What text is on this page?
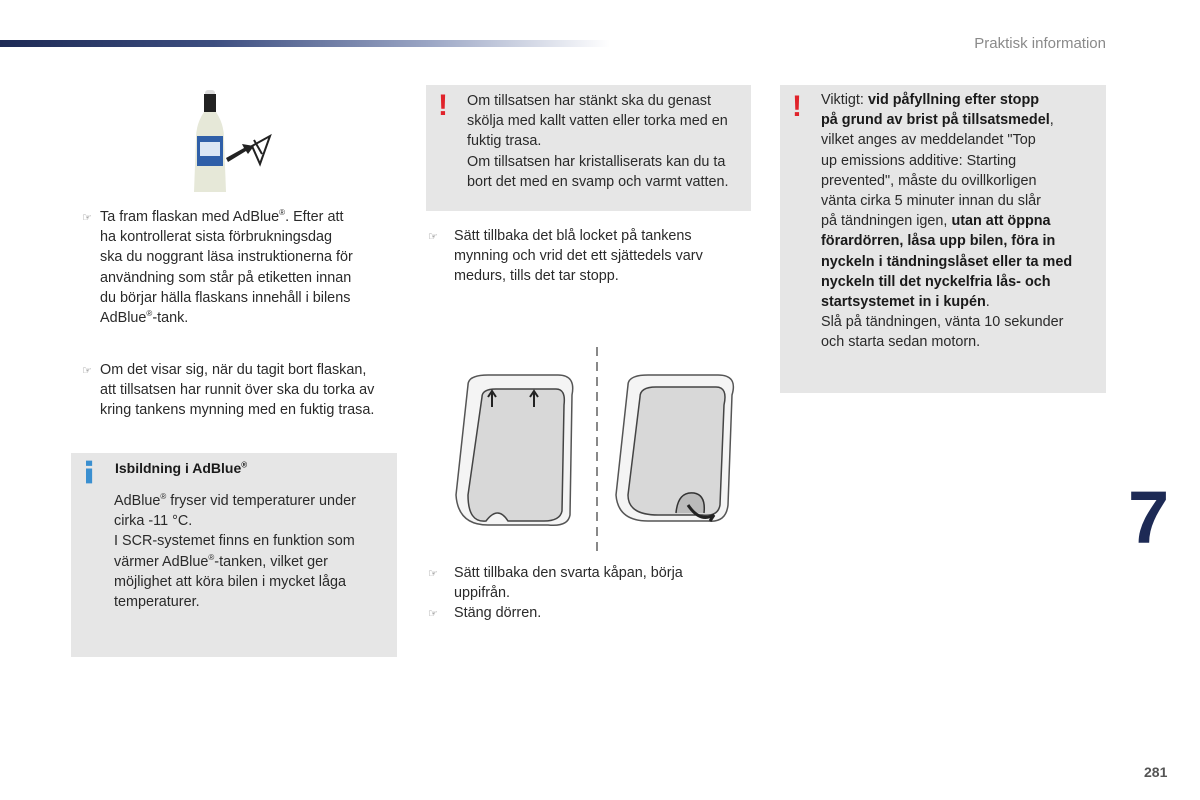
Praktisk information
☞ Ta fram flaskan med AdBlue®. Efter att
ha kontrollerat sista förbrukningsdag
ska du noggrant läsa instruktionerna för
användning som står på etiketten innan
du börjar hälla flaskans innehåll i bilens
AdBlue®-tank.
☞ Om det visar sig, när du tagit bort flaskan,
att tillsatsen har runnit över ska du torka av
kring tankens mynning med en fuktig trasa.
Isbildning i AdBlue®
AdBlue® fryser vid temperaturer under
cirka -11 °C.
I SCR-systemet finns en funktion som
värmer AdBlue®-tanken, vilket ger
möjlighet att köra bilen i mycket låga
temperaturer.
! Om tillsatsen har stänkt ska du genast
skölja med kallt vatten eller torka med en
fuktig trasa.
Om tillsatsen har kristalliserats kan du ta
bort det med en svamp och varmt vatten.
☞ Sätt tillbaka det blå locket på tankens
mynning och vrid det ett sjättedels varv
medurs, tills det tar stopp.
☞ Sätt tillbaka den svarta kåpan, börja
uppifrån.
☞ Stäng dörren.
! Viktigt: vid påfyllning efter stopp
på grund av brist på tillsatsmedel,
vilket anges av meddelandet "Top
up emissions additive: Starting
prevented", måste du ovillkorligen
vänta cirka 5 minuter innan du slår
på tändningen igen, utan att öppna
förardörren, låsa upp bilen, föra in
nyckeln i tändningslåset eller ta med
nyckeln till det nyckelfria lås- och
startsystemet in i kupén.
Slå på tändningen, vänta 10 sekunder
och starta sedan motorn.
7
281
